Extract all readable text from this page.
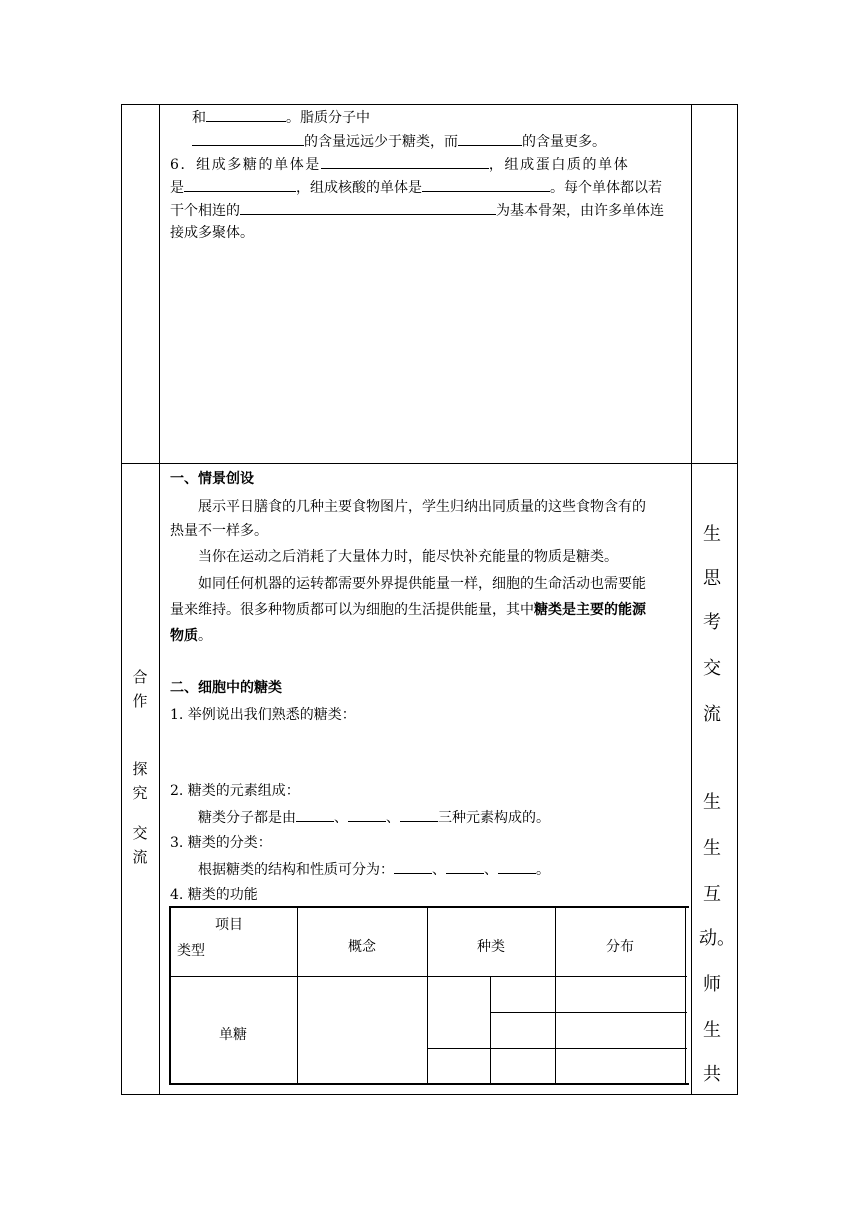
和	。脂质分子中
的含量远远少于糖类，而	的含量更多。
6．组成多糖的单体是	，组成蛋白质的单体
是	，组成核酸的单体是	。每个单体都以若
干个相连的	为基本骨架，由许多单体连
接成多聚体。
合
作
探
究
交
流
生
思
考
交
流
生
生
互
动。
师
生
共
一、情景创设
展示平日膳食的几种主要食物图片，学生归纳出同质量的这些食物含有的
热量不一样多。
当你在运动之后消耗了大量体力时，能尽快补充能量的物质是糖类。
如同任何机器的运转都需要外界提供能量一样，细胞的生命活动也需要能
量来维持。很多种物质都可以为细胞的生活提供能量，其中糖类是主要的能源
物质。
二、细胞中的糖类
1. 举例说出我们熟悉的糖类：
2. 糖类的元素组成：
糖类分子都是由	、	、	三种元素构成的。
3. 糖类的分类：
根据糖类的结构和性质可分为：	、	、	。
4. 糖类的功能
项目
类型	概念	种类	分布
单糖
